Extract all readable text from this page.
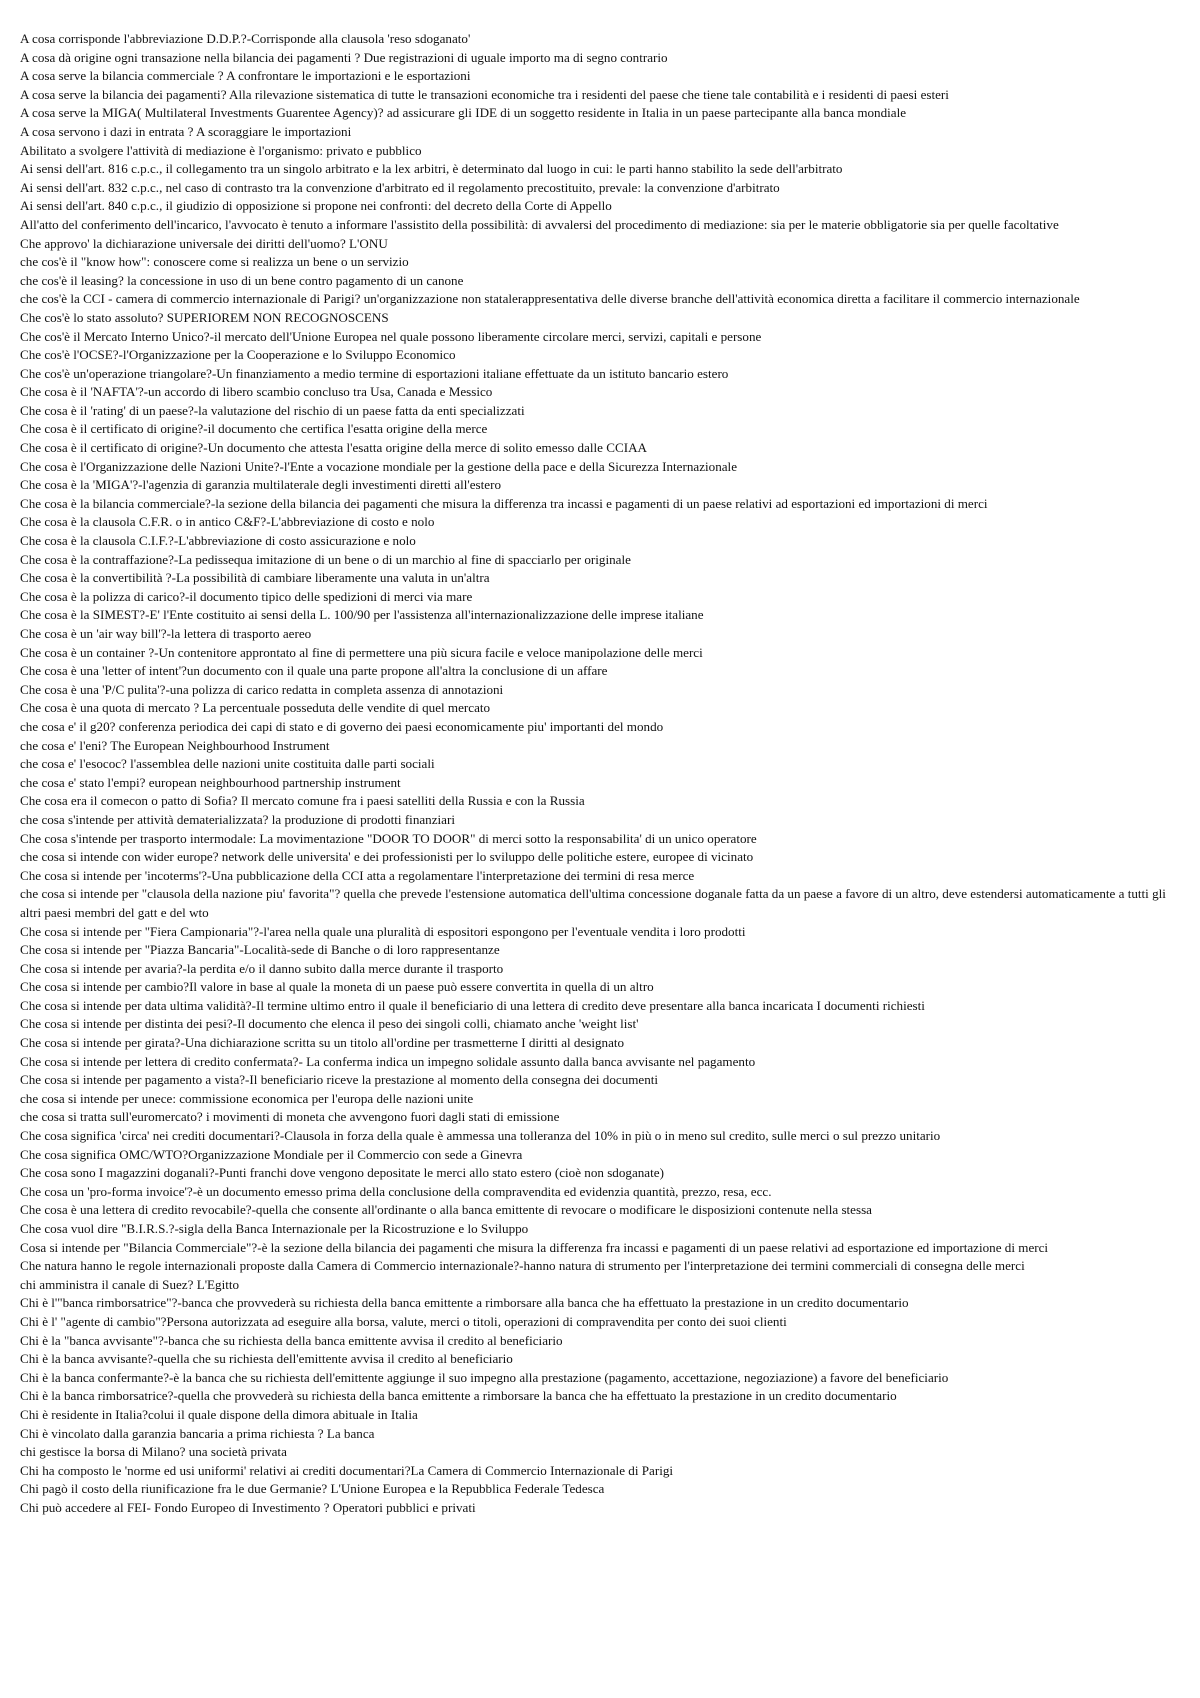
A cosa corrisponde l'abbreviazione D.D.P.?-Corrisponde alla clausola 'reso sdoganato'

A cosa dà origine ogni transazione nella bilancia dei pagamenti ? Due registrazioni di uguale importo ma di segno contrario

A cosa serve la bilancia commerciale ? A confrontare le importazioni e le esportazioni

A cosa serve la bilancia dei pagamenti? Alla rilevazione sistematica di tutte le transazioni economiche tra i residenti del paese che tiene tale contabilità e i residenti di paesi esteri

A cosa serve la MIGA( Multilateral Investments Guarentee Agency)? ad assicurare gli IDE di un soggetto residente in Italia in un paese partecipante alla banca mondiale

A cosa servono i dazi in entrata ? A scoraggiare le importazioni

Abilitato a svolgere l'attività di mediazione è l'organismo: privato e pubblico

Ai sensi dell'art. 816 c.p.c., il collegamento tra un singolo arbitrato e la lex arbitri, è determinato dal luogo in cui: le parti hanno stabilito la sede dell'arbitrato

Ai sensi dell'art. 832 c.p.c., nel caso di contrasto tra la convenzione d'arbitrato ed il regolamento precostituito, prevale: la convenzione d'arbitrato

Ai sensi dell'art. 840 c.p.c., il giudizio di opposizione si propone nei confronti: del decreto della Corte di Appello

All'atto del conferimento dell'incarico, l'avvocato è tenuto a informare l'assistito della possibilità: di avvalersi del procedimento di mediazione: sia per le materie obbligatorie sia per quelle facoltative

Che approvo' la dichiarazione universale dei diritti dell'uomo? L'ONU

che cos'è il "know how": conoscere come si realizza un bene o un servizio

che cos'è il leasing? la concessione in uso di un bene contro pagamento di un canone

che cos'è la CCI - camera di commercio internazionale di Parigi? un'organizzazione non statalerappresentativa delle diverse branche dell'attività economica diretta a facilitare il commercio internazionale

Che cos'è lo stato assoluto? SUPERIOREM NON RECOGNOSCENS

Che cos'è il Mercato Interno Unico?-il mercato dell'Unione Europea nel quale possono liberamente circolare merci, servizi, capitali e persone

Che cos'è l'OCSE?-l'Organizzazione per la Cooperazione e lo Sviluppo Economico

Che cos'è un'operazione triangolare?-Un finanziamento a medio termine di esportazioni italiane effettuate da un istituto bancario estero

Che cosa è il 'NAFTA'?-un accordo di libero scambio concluso tra Usa, Canada e Messico

Che cosa è il 'rating' di un paese?-la valutazione del rischio di un paese fatta da enti specializzati

Che cosa è il certificato di origine?-il documento che certifica l'esatta origine della merce

Che cosa è il certificato di origine?-Un documento che attesta l'esatta origine della merce di solito emesso dalle CCIAA

Che cosa è l'Organizzazione delle Nazioni Unite?-l'Ente a vocazione mondiale per la gestione della pace e della Sicurezza Internazionale

Che cosa è la 'MIGA'?-l'agenzia di garanzia multilaterale degli investimenti diretti all'estero

Che cosa è la bilancia commerciale?-la sezione della bilancia dei pagamenti che misura la differenza tra incassi e pagamenti di un paese relativi ad esportazioni ed importazioni di merci

Che cosa è la clausola C.F.R. o in antico C&F?-L'abbreviazione di costo e nolo

Che cosa è la clausola C.I.F.?-L'abbreviazione di costo assicurazione e nolo

Che cosa è la contraffazione?-La pedissequa imitazione di un bene o di un marchio al fine di spacciarlo per originale

Che cosa è la convertibilità ?-La possibilità di cambiare liberamente una valuta in un'altra

Che cosa è la polizza di carico?-il documento tipico delle spedizioni di merci via mare

Che cosa è la SIMEST?-E' l'Ente costituito ai sensi della L. 100/90 per l'assistenza all'internazionalizzazione delle imprese italiane

Che cosa è un 'air way bill'?-la lettera di trasporto aereo

Che cosa è un container ?-Un contenitore approntato al fine di permettere una più sicura facile e veloce manipolazione delle merci

Che cosa è una 'letter of intent'?un documento con il quale una parte propone all'altra la conclusione di un affare

Che cosa è una 'P/C pulita'?-una polizza di carico redatta in completa assenza di annotazioni

Che cosa è una quota di mercato ? La percentuale posseduta delle vendite di quel mercato

che cosa e' il g20? conferenza periodica dei capi di stato e di governo dei paesi economicamente piu' importanti del mondo

che cosa e' l'eni? The European Neighbourhood Instrument

che cosa e' l'esococ? l'assemblea delle nazioni unite costituita dalle parti sociali

che cosa e' stato l'empi? european neighbourhood partnership instrument

Che cosa era il comecon o patto di Sofia? Il mercato comune fra i paesi satelliti della Russia e con la Russia

che cosa s'intende per attività dematerializzata? la produzione di prodotti finanziari

Che cosa s'intende per trasporto intermodale: La movimentazione "DOOR TO DOOR" di merci sotto la responsabilita' di un unico operatore

che cosa si intende con wider europe? network delle universita' e dei professionisti per lo sviluppo delle politiche estere, europee di vicinato

Che cosa si intende per 'incoterms'?-Una pubblicazione della CCI atta a regolamentare l'interpretazione dei termini di resa merce

che cosa si intende per "clausola della nazione piu' favorita"? quella che prevede l'estensione automatica dell'ultima concessione doganale fatta da un paese a favore di un altro, deve estendersi automaticamente a tutti gli altri paesi membri del gatt e del wto

Che cosa si intende per "Fiera Campionaria"?-l'area nella quale una pluralità di espositori espongono per l'eventuale vendita i loro prodotti

Che cosa si intende per "Piazza Bancaria"-Località-sede di Banche o di loro rappresentanze

Che cosa si intende per avaria?-la perdita e/o il danno subito dalla merce durante il trasporto

Che cosa si intende per cambio?Il valore in base al quale la moneta di un paese può essere convertita in quella di un altro

Che cosa si intende per data ultima validità?-Il termine ultimo entro il quale il beneficiario di una lettera di credito deve presentare alla banca incaricata I documenti richiesti

Che cosa si intende per distinta dei pesi?-Il documento che elenca il peso dei singoli colli, chiamato anche 'weight list'

Che cosa si intende per girata?-Una dichiarazione scritta su un titolo all'ordine per trasmetterne I diritti al designato

Che cosa si intende per lettera di credito confermata?- La conferma indica un impegno solidale assunto dalla banca avvisante nel pagamento

Che cosa si intende per pagamento a vista?-Il beneficiario riceve la prestazione al momento della consegna dei documenti

che cosa si intende per unece: commissione economica per l'europa delle nazioni unite

che cosa si tratta sull'euromercato? i movimenti di moneta che avvengono fuori dagli stati di emissione

Che cosa significa 'circa' nei crediti documentari?-Clausola in forza della quale è ammessa una tolleranza del 10% in più o in meno sul credito, sulle merci o sul prezzo unitario

Che cosa significa OMC/WTO?Organizzazione Mondiale per il Commercio con sede a Ginevra

Che cosa sono I magazzini doganali?-Punti franchi dove vengono depositate le merci allo stato estero (cioè non sdoganate)

Che cosa un 'pro-forma invoice'?-è un documento emesso prima della conclusione della compravendita ed evidenzia quantità, prezzo, resa, ecc.

Che cosa è una lettera di credito revocabile?-quella che consente all'ordinante o alla banca emittente di revocare o modificare le disposizioni contenute nella stessa

Che cosa vuol dire "B.I.R.S.?-sigla della Banca Internazionale per la Ricostruzione e lo Sviluppo

Cosa si intende per "Bilancia Commerciale"?-è la sezione della bilancia dei pagamenti che misura la differenza fra incassi e pagamenti di un paese relativi ad esportazione ed importazione di merci

Che natura hanno le regole internazionali proposte dalla Camera di Commercio internazionale?-hanno natura di strumento per l'interpretazione dei termini commerciali di consegna delle merci

chi amministra il canale di Suez? L'Egitto

Chi è l'"banca rimborsatrice"?-banca che provvederà su richiesta della banca emittente a rimborsare alla banca che ha effettuato la prestazione in un credito documentario

Chi è l' "agente di cambio"?Persona autorizzata ad eseguire alla borsa, valute, merci o titoli, operazioni di compravendita per conto dei suoi clienti

Chi è la "banca avvisante"?-banca che su richiesta della banca emittente avvisa il credito al beneficiario

Chi è la banca avvisante?-quella che su richiesta dell'emittente avvisa il credito al beneficiario

Chi è la banca confermante?-è la banca che su richiesta dell'emittente aggiunge il suo impegno alla prestazione (pagamento, accettazione, negoziazione) a favore del beneficiario

Chi è la banca rimborsatrice?-quella che provvederà su richiesta della banca emittente a rimborsare la banca che ha effettuato la prestazione in un credito documentario

Chi è residente in Italia?colui il quale dispone della dimora abituale in Italia

Chi è vincolato dalla garanzia bancaria a prima richiesta ? La banca

chi gestisce la borsa di Milano? una società privata

Chi ha composto le 'norme ed usi uniformi' relativi ai crediti documentari?La Camera di Commercio Internazionale di Parigi

Chi pagò il costo della riunificazione fra le due Germanie? L'Unione Europea e la Repubblica Federale Tedesca

Chi può accedere al FEI- Fondo Europeo di Investimento ? Operatori pubblici e privati
